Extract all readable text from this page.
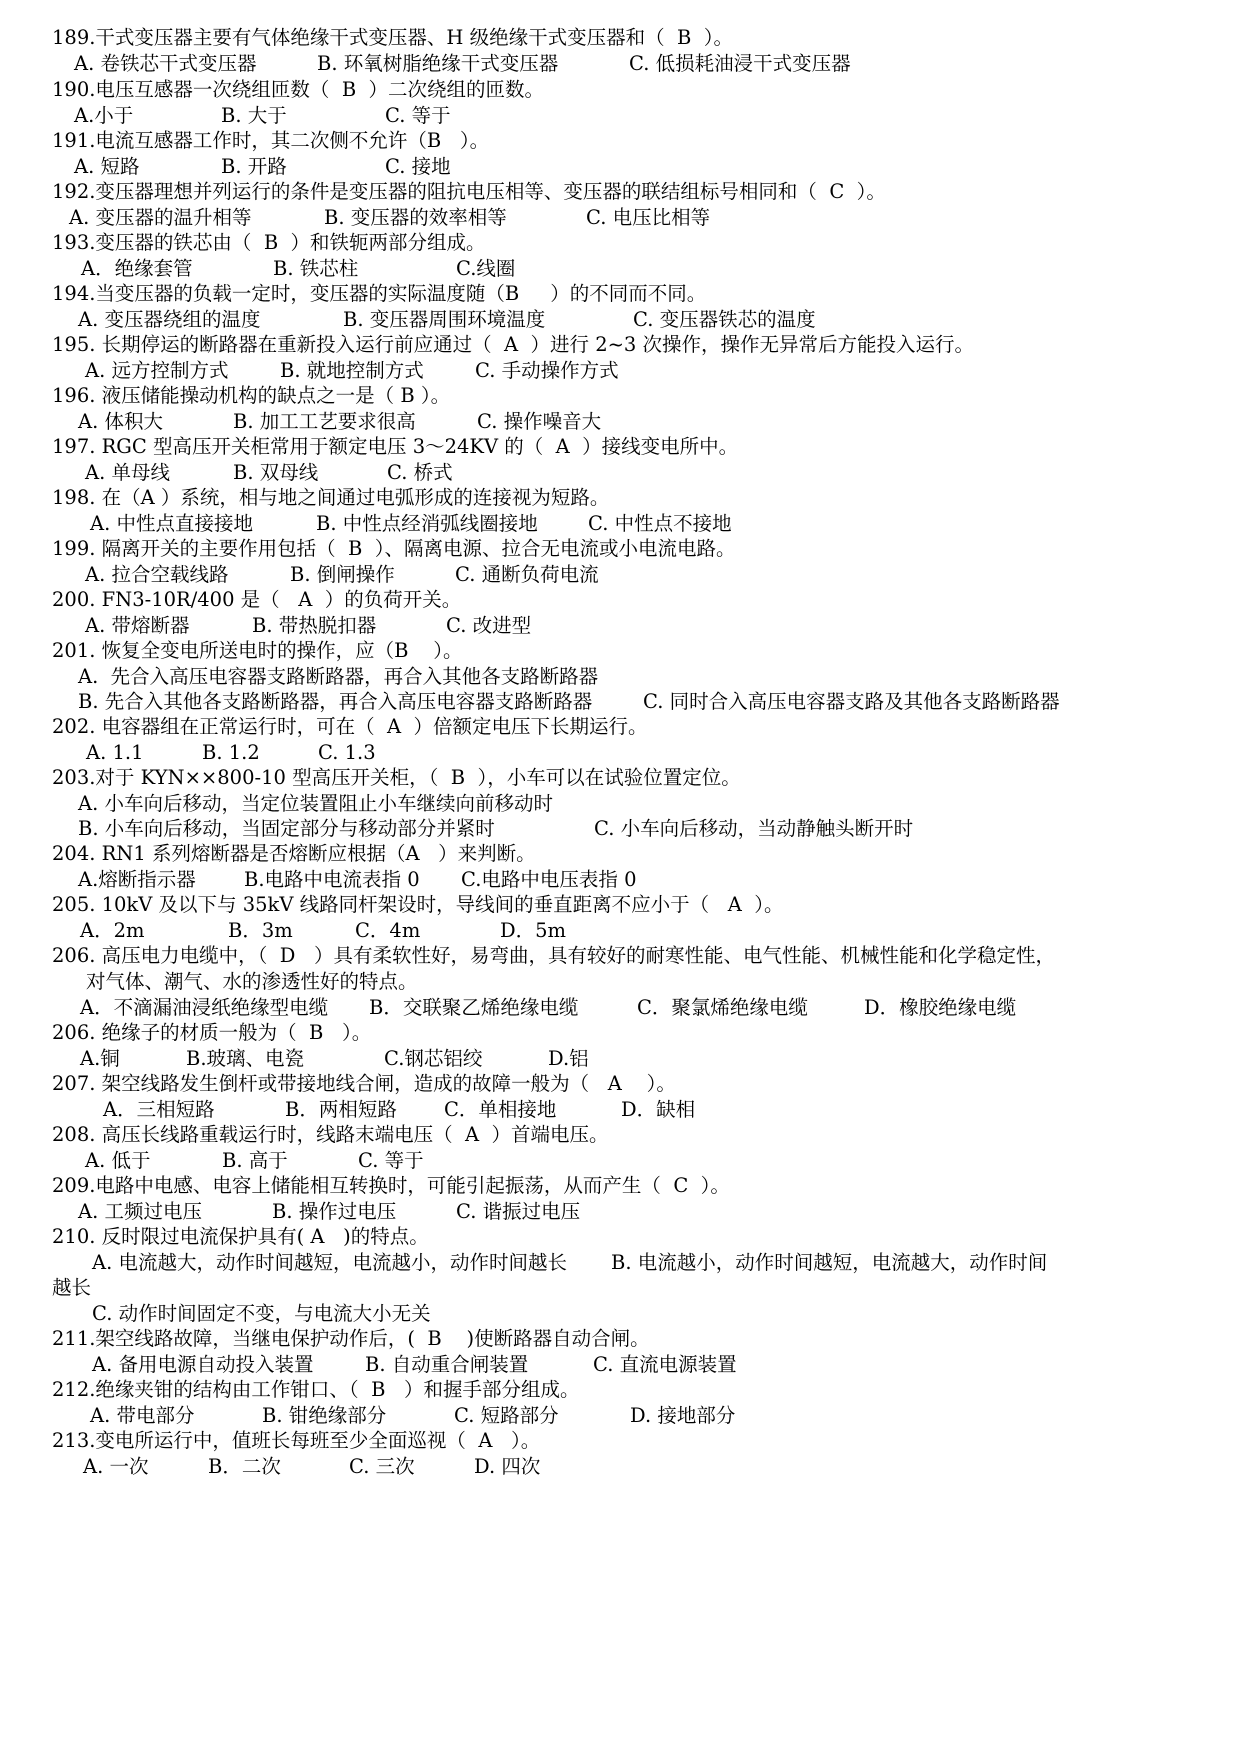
189.干式变压器主要有气体绝缘干式变压器、H 级绝缘干式变压器和（  B  ）。
A. 卷铁芯干式变压器	B. 环氧树脂绝缘干式变压器	C. 低损耗油浸干式变压器
190.电压互感器一次绕组匝数（  B  ）二次绕组的匝数。
A.小于	B. 大于	C. 等于
191.电流互感器工作时，其二次侧不允许（B   ）。
A. 短路	B. 开路	C. 接地
192.变压器理想并列运行的条件是变压器的阻抗电压相等、变压器的联结组标号相同和（  C  ）。
A. 变压器的温升相等	B. 变压器的效率相等	C. 电压比相等
193.变压器的铁芯由（  B  ）和铁轭两部分组成。
A．绝缘套管	B. 铁芯柱	C.线圈
194.当变压器的负载一定时，变压器的实际温度随（B     ）的不同而不同。
A. 变压器绕组的温度	B. 变压器周围环境温度	C. 变压器铁芯的温度
195. 长期停运的断路器在重新投入运行前应通过（  A  ）进行 2~3 次操作，操作无异常后方能投入运行。
A. 远方控制方式	B. 就地控制方式	C. 手动操作方式
196. 液压储能操动机构的缺点之一是（ B ）。
A. 体积大	B. 加工工艺要求很高	C. 操作噪音大
197. RGC 型高压开关柜常用于额定电压 3～24KV 的（  A  ）接线变电所中。
A. 单母线	B. 双母线	C. 桥式
198. 在（A ）系统，相与地之间通过电弧形成的连接视为短路。
A. 中性点直接接地	B. 中性点经消弧线圈接地	C. 中性点不接地
199. 隔离开关的主要作用包括（  B  ）、隔离电源、拉合无电流或小电流电路。
A. 拉合空载线路	B. 倒闸操作	C. 通断负荷电流
200. FN3-10R/400 是（   A  ）的负荷开关。
A. 带熔断器	B. 带热脱扣器	C. 改进型
201. 恢复全变电所送电时的操作，应（B    ）。
A.  先合入高压电容器支路断路器，再合入其他各支路断路器
B. 先合入其他各支路断路器，再合入高压电容器支路断路器	C. 同时合入高压电容器支路及其他各支路断路器
202. 电容器组在正常运行时，可在（  A  ）倍额定电压下长期运行。
A. 1.1	B. 1.2	C. 1.3
203.对于 KYN××800-10 型高压开关柜，（  B  ），小车可以在试验位置定位。
A. 小车向后移动，当定位装置阻止小车继续向前移动时
B. 小车向后移动，当固定部分与移动部分并紧时	C. 小车向后移动，当动静触头断开时
204. RN1 系列熔断器是否熔断应根据（A   ）来判断。
A.熔断指示器 B.电路中电流表指 0 C.电路中电压表指 0
205. 10kV 及以下与 35kV 线路同杆架设时，导线间的垂直距离不应小于（   A  ）。
A．2m	B．3m	C．4m	D．5m
206. 高压电力电缆中，（  D   ）具有柔软性好，易弯曲，具有较好的耐寒性能、电气性能、机械性能和化学稳定性，
对气体、潮气、水的渗透性好的特点。
A．不滴漏油浸纸绝缘型电缆 B．交联聚乙烯绝缘电缆	C．聚氯烯绝缘电缆	D．橡胶绝缘电缆
206. 绝缘子的材质一般为（  B   ）。
A.铜	B.玻璃、电瓷	C.钢芯铝绞	D.铝
207. 架空线路发生倒杆或带接地线合闸，造成的故障一般为（   A    ）。
A．三相短路	B．两相短路 C．单相接地	D．缺相
208. 高压长线路重载运行时，线路末端电压（  A  ）首端电压。
A. 低于	B. 高于	C. 等于
209.电路中电感、电容上储能相互转换时，可能引起振荡，从而产生（  C  ）。
A. 工频过电压	B. 操作过电压	C. 谐振过电压
210. 反时限过电流保护具有( A   )的特点。
A. 电流越大，动作时间越短，电流越小，动作时间越长 B. 电流越小，动作时间越短，电流越大，动作时间
越长
C. 动作时间固定不变，与电流大小无关
211.架空线路故障，当继电保护动作后，(  B    )使断路器自动合闸。
A. 备用电源自动投入装置	B. 自动重合闸装置	C. 直流电源装置
212.绝缘夹钳的结构由工作钳口、（  B   ）和握手部分组成。
A. 带电部分	B. 钳绝缘部分	C. 短路部分	D. 接地部分
213.变电所运行中，值班长每班至少全面巡视（  A   ）。
A. 一次	B．二次	C. 三次	D. 四次
